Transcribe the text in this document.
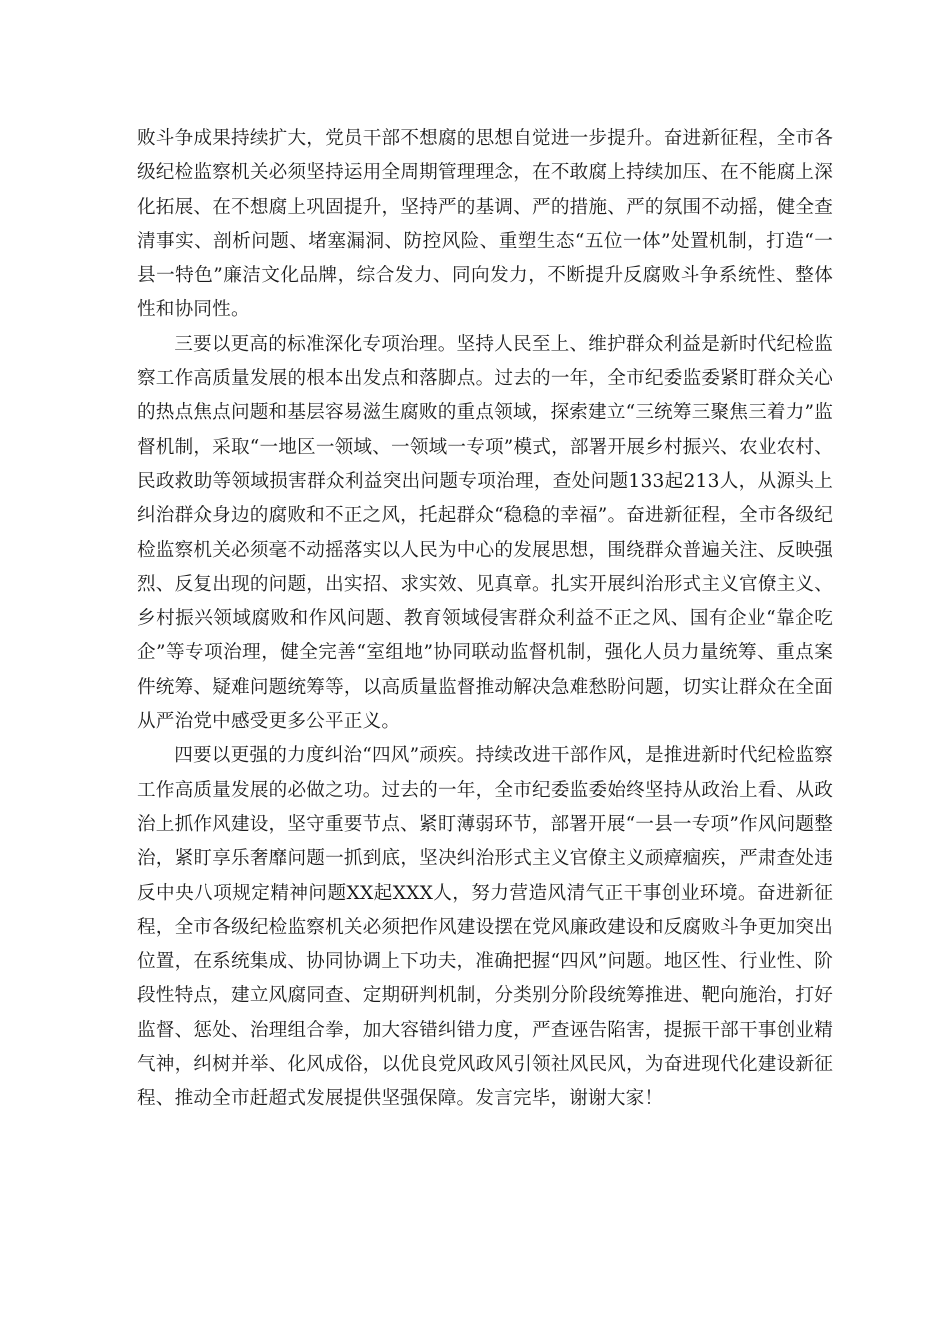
败斗争成果持续扩大，党员干部不想腐的思想自觉进一步提升。奋进新征程，全市各级纪检监察机关必须坚持运用全周期管理理念，在不敢腐上持续加压、在不能腐上深化拓展、在不想腐上巩固提升，坚持严的基调、严的措施、严的氛围不动摇，健全查清事实、剖析问题、堵塞漏洞、防控风险、重塑生态“五位一体”处置机制，打造“一县一特色”廉洁文化品牌，综合发力、同向发力，不断提升反腐败斗争系统性、整体性和协同性。

三要以更高的标准深化专项治理。坚持人民至上、维护群众利益是新时代纪检监察工作高质量发展的根本出发点和落脚点。过去的一年，全市纪委监委紧盯群众关心的热点焦点问题和基层容易滋生腐败的重点领域，探索建立“三统筹三聚焦三着力”监督机制，采取“一地区一领域、一领域一专项”模式，部署开展乡村振兴、农业农村、民政救助等领域损害群众利益突出问题专项治理，查处问题133起213人，从源头上纠治群众身边的腐败和不正之风，托起群众“稳稳的幸福”。奋进新征程，全市各级纪检监察机关必须毫不动摇落实以人民为中心的发展思想，围绕群众普遍关注、反映强烈、反复出现的问题，出实招、求实效、见真章。扎实开展纠治形式主义官僚主义、乡村振兴领域腐败和作风问题、教育领域侵害群众利益不正之风、国有企业“靠企吃企”等专项治理，健全完善“室组地”协同联动监督机制，强化人员力量统筹、重点案件统筹、疑难问题统筹等，以高质量监督推动解决急难愁盼问题，切实让群众在全面从严治党中感受更多公平正义。

四要以更强的力度纠治“四风”顽疾。持续改进干部作风，是推进新时代纪检监察工作高质量发展的必做之功。过去的一年，全市纪委监委始终坚持从政治上看、从政治上抓作风建设，坚守重要节点、紧盯薄弱环节，部署开展“一县一专项”作风问题整治，紧盯享乐奢靡问题一抓到底，坚决纠治形式主义官僚主义顽瘴痼疾，严肃查处违反中央八项规定精神问题XX起XXX人，努力营造风清气正干事创业环境。奋进新征程，全市各级纪检监察机关必须把作风建设摆在党风廉政建设和反腐败斗争更加突出位置，在系统集成、协同协调上下功夫，准确把握“四风”问题。地区性、行业性、阶段性特点，建立风腐同查、定期研判机制，分类别分阶段统筹推进、靶向施治，打好监督、惩处、治理组合拳，加大容错纠错力度，严查诬告陷害，提振干部干事创业精气神，纠树并举、化风成俗，以优良党风政风引领社风民风，为奋进现代化建设新征程、推动全市赶超式发展提供坚强保障。发言完毕，谢谢大家！
